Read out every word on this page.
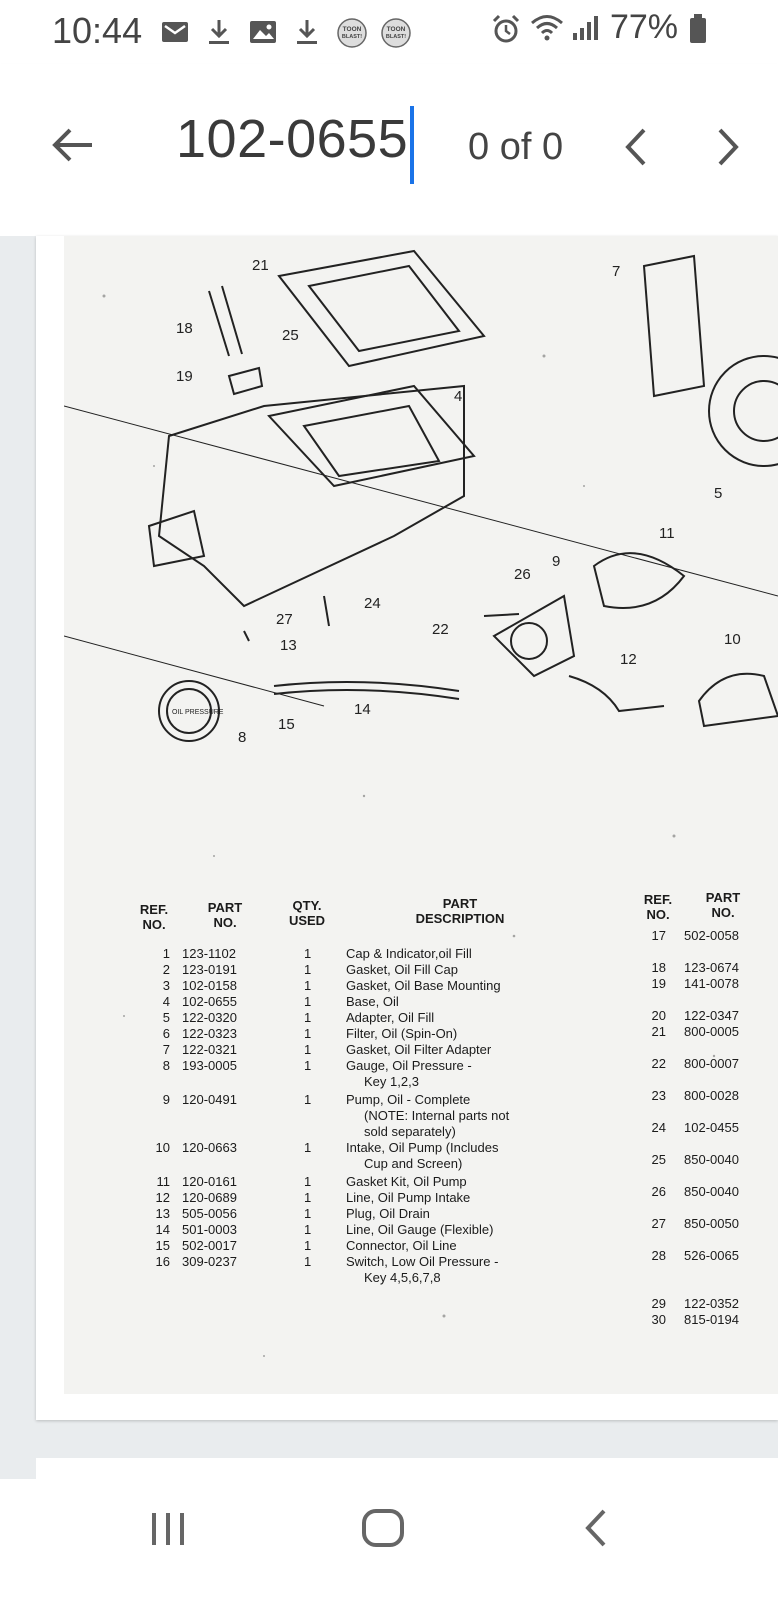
10:44	TOON
BLAST!
TOON
BLAST!	77%
102-0655 0 of 0
21
18	25
19
4
7
5
11
9
26
24
27
13
22
10
12
14
15
8
OIL PRESSURE
REF.
NO.
PART
NO.
QTY.
USED
PART
DESCRIPTION
REF.
NO.
PART
NO.
1 123-1102	1	Cap & Indicator,oil Fill
2 123-0191	1	Gasket, Oil Fill Cap
3 102-0158	1	Gasket, Oil Base Mounting
4 102-0655	1	Base, Oil
5 122-0320	1	Adapter, Oil Fill
6 122-0323	1	Filter, Oil (Spin-On)
7 122-0321	1	Gasket, Oil Filter Adapter
8 193-0005	1	Gauge, Oil Pressure -
Key 1,2,3
9 120-0491	1	Pump, Oil - Complete
(NOTE: Internal parts not
sold separately)
10 120-0663	1	Intake, Oil Pump (Includes
Cup and Screen)
11 120-0161	1	Gasket Kit, Oil Pump
12 120-0689	1	Line, Oil Pump Intake
13 505-0056	1	Plug, Oil Drain
14 501-0003	1	Line, Oil Gauge (Flexible)
15 502-0017	1	Connector, Oil Line
16 309-0237	1	Switch, Low Oil Pressure -
Key 4,5,6,7,8
17 502-0058
18 123-0674
19 141-0078
20 122-0347
21 800-0005
22 800-0007
23 800-0028
24 102-0455
25 850-0040
26 850-0040
27 850-0050
28 526-0065
29 122-0352
30 815-0194
